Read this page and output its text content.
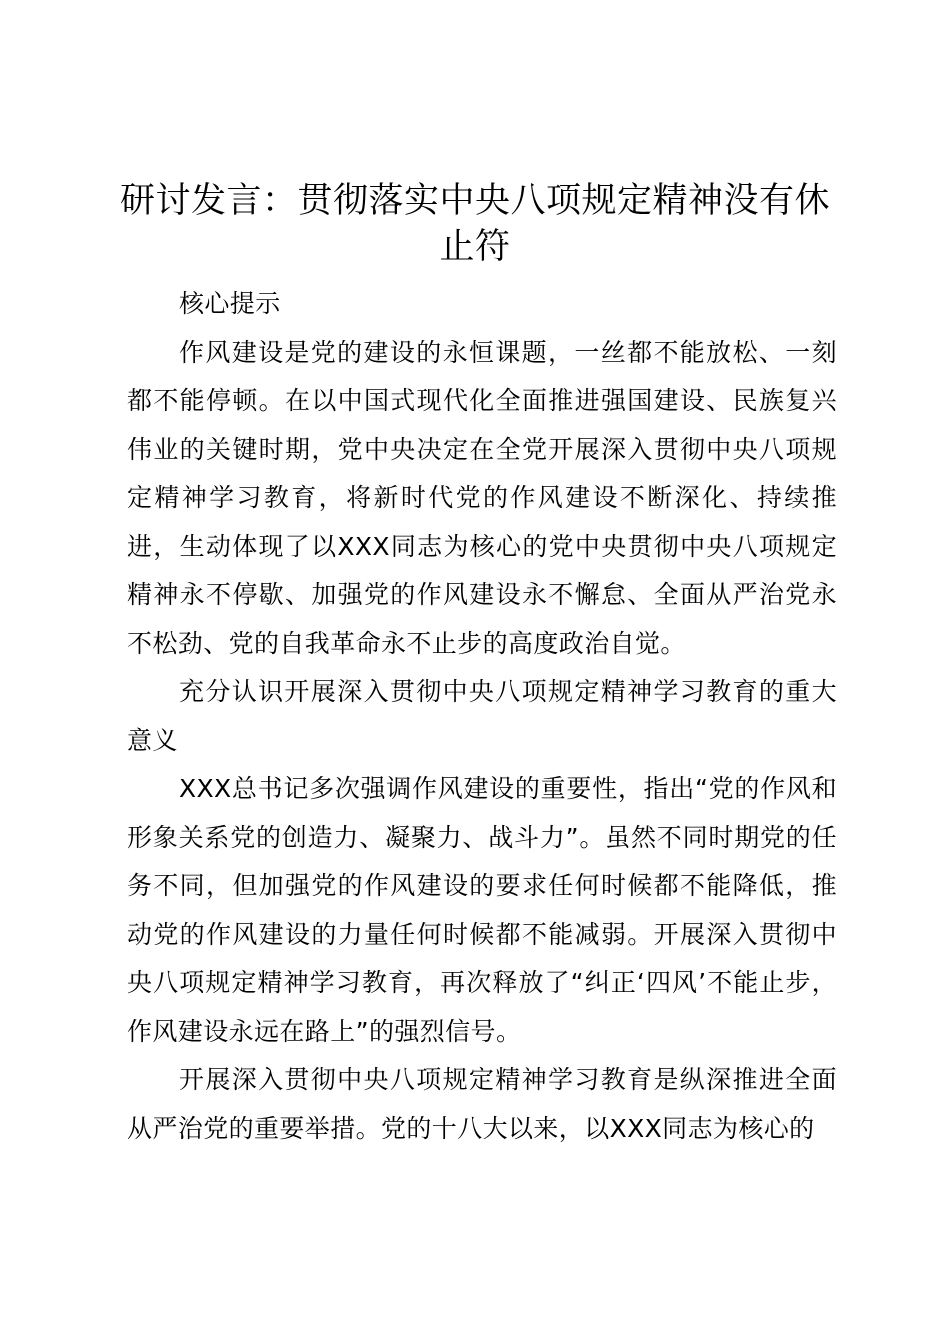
研讨发言：贯彻落实中央八项规定精神没有休止符

核心提示

作风建设是党的建设的永恒课题，一丝都不能放松、一刻都不能停顿。在以中国式现代化全面推进强国建设、民族复兴伟业的关键时期，党中央决定在全党开展深入贯彻中央八项规定精神学习教育，将新时代党的作风建设不断深化、持续推进，生动体现了以XXX同志为核心的党中央贯彻中央八项规定精神永不停歇、加强党的作风建设永不懈怠、全面从严治党永不松劲、党的自我革命永不止步的高度政治自觉。

充分认识开展深入贯彻中央八项规定精神学习教育的重大意义

XXX总书记多次强调作风建设的重要性，指出“党的作风和形象关系党的创造力、凝聚力、战斗力”。虽然不同时期党的任务不同，但加强党的作风建设的要求任何时候都不能降低，推动党的作风建设的力量任何时候都不能减弱。开展深入贯彻中央八项规定精神学习教育，再次释放了“纠正‘四风’不能止步，作风建设永远在路上”的强烈信号。

开展深入贯彻中央八项规定精神学习教育是纵深推进全面从严治党的重要举措。党的十八大以来，以XXX同志为核心的
